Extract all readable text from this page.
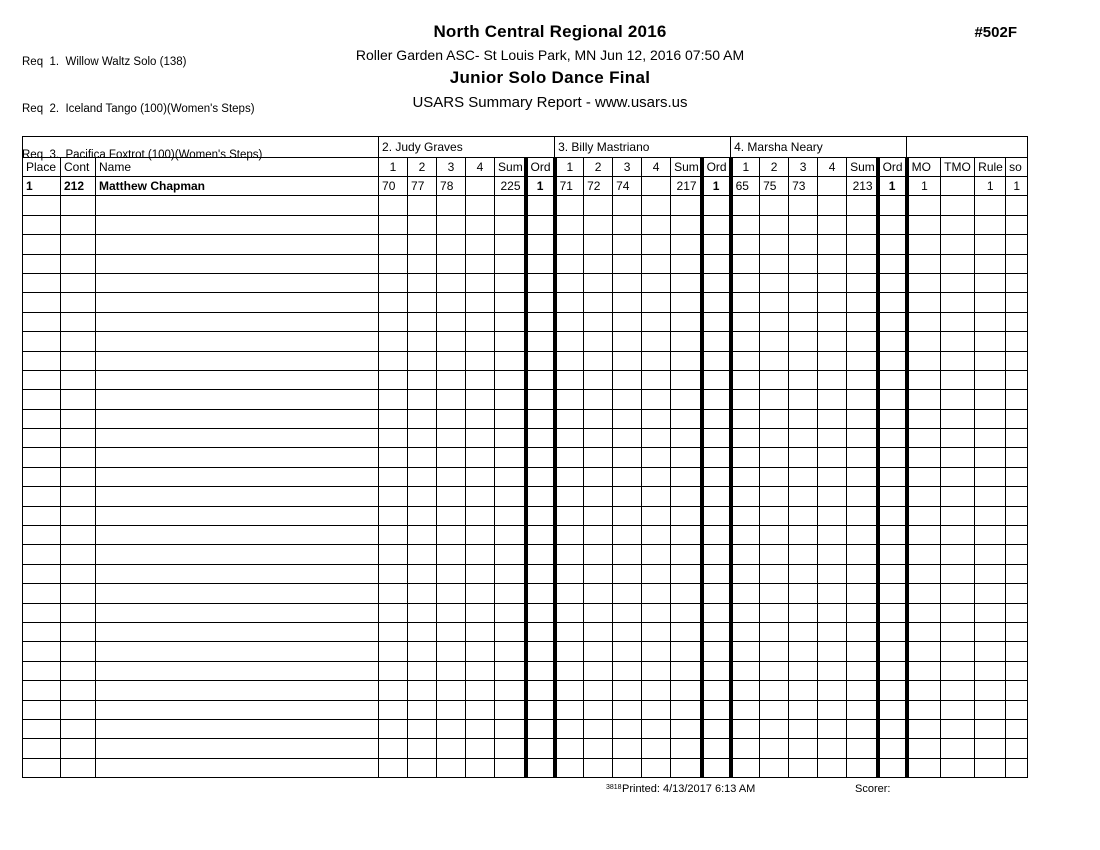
Req  1.  Willow Waltz Solo (138)

Req  2.  Iceland Tango (100)(Women's Steps)

Req  3.  Pacifica Foxtrot (100)(Women's Steps)

North Central Regional 2016
Roller Garden ASC- St Louis Park, MN Jun 12, 2016 07:50 AM
Junior Solo Dance Final
USARS Summary Report - www.usars.us
#502F
			2. Judy Graves						3. Billy Mastriano						4. Marsha Neary									
Place	Cont	Name	1	2	3	4	Sum	Ord	1	2	3	4	Sum	Ord	1	2	3	4	Sum	Ord	MO	TMO	Rule	so
1	212	Matthew Chapman	70	77	78		225	1	71	72	74		217	1	65	75	73		213	1	1		1	1

3818 Printed: 4/13/2017 6:13 AM	Scorer:
